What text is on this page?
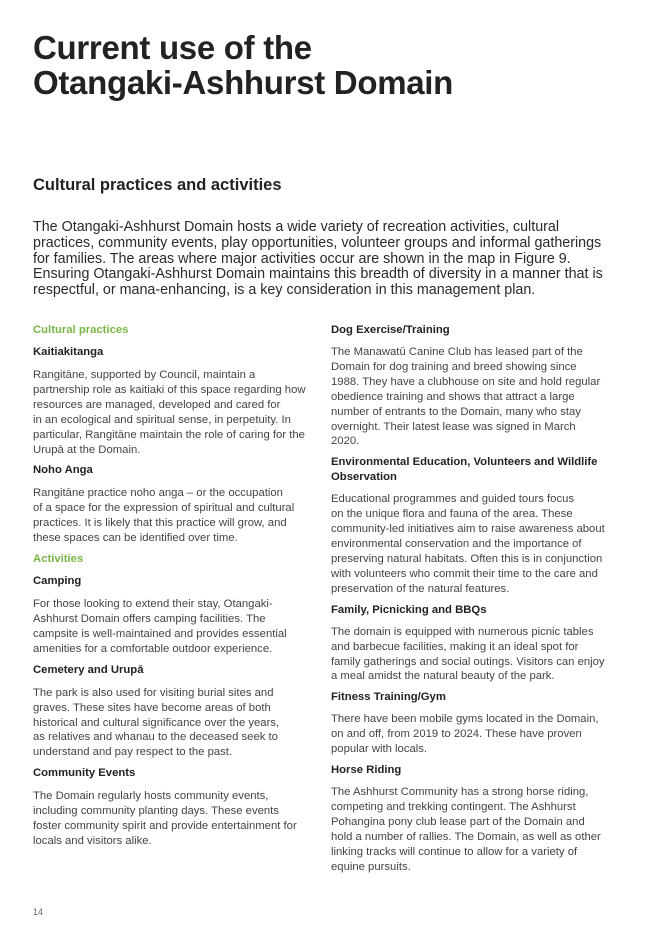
Current use of the
Otangaki-Ashhurst Domain
Cultural practices and activities
The Otangaki-Ashhurst Domain hosts a wide variety of recreation activities, cultural
practices, community events, play opportunities, volunteer groups and informal gatherings
for families. The areas where major activities occur are shown in the map in Figure 9.
Ensuring Otangaki-Ashhurst Domain maintains this breadth of diversity in a manner that is
respectful, or mana-enhancing, is a key consideration in this management plan.

Cultural practices

Kaitiakitanga

Rangitāne, supported by Council, maintain a
partnership role as kaitiaki of this space regarding how
resources are managed, developed and cared for
in an ecological and spiritual sense, in perpetuity. In
particular, Rangitāne maintain the role of caring for the
Urupā at the Domain.

Noho Anga

Rangitāne practice noho anga – or the occupation
of a space for the expression of spiritual and cultural
practices. It is likely that this practice will grow, and
these spaces can be identified over time.

Activities

Camping

For those looking to extend their stay, Otangaki-
Ashhurst Domain offers camping facilities. The
campsite is well-maintained and provides essential
amenities for a comfortable outdoor experience.

Cemetery and Urupā

The park is also used for visiting burial sites and
graves. These sites have become areas of both
historical and cultural significance over the years,
as relatives and whanau to the deceased seek to
understand and pay respect to the past.

Community Events

The Domain regularly hosts community events,
including community planting days. These events
foster community spirit and provide entertainment for
locals and visitors alike.

Dog Exercise/Training

The Manawatū Canine Club has leased part of the
Domain for dog training and breed showing since
1988. They have a clubhouse on site and hold regular
obedience training and shows that attract a large
number of entrants to the Domain, many who stay
overnight. Their latest lease was signed in March
2020.
Environmental Education, Volunteers and Wildlife
Observation
Educational programmes and guided tours focus
on the unique flora and fauna of the area. These
community-led initiatives aim to raise awareness about
environmental conservation and the importance of
preserving natural habitats. Often this is in conjunction
with volunteers who commit their time to the care and
preservation of the natural features.

Family, Picnicking and BBQs

The domain is equipped with numerous picnic tables
and barbecue facilities, making it an ideal spot for
family gatherings and social outings. Visitors can enjoy
a meal amidst the natural beauty of the park.

Fitness Training/Gym

There have been mobile gyms located in the Domain,
on and off, from 2019 to 2024. These have proven
popular with locals.

Horse Riding

The Ashhurst Community has a strong horse riding,
competing and trekking contingent. The Ashhurst
Pohangina pony club lease part of the Domain and
hold a number of rallies. The Domain, as well as other
linking tracks will continue to allow for a variety of
equine pursuits.
14
